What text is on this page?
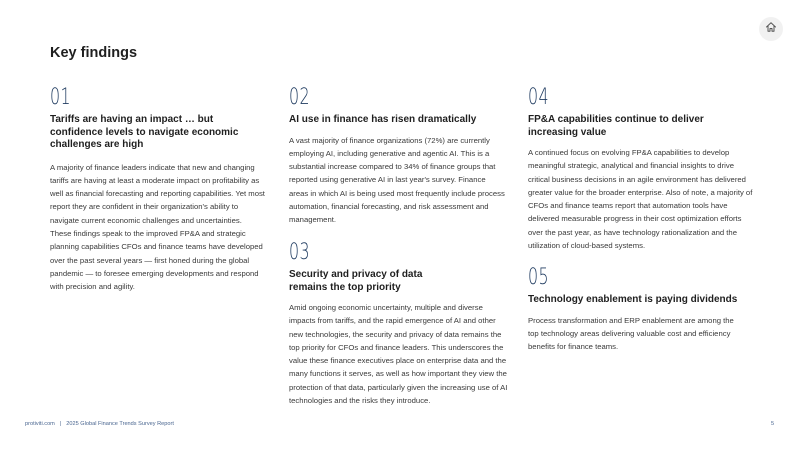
Key findings
01
Tariffs are having an impact … but confidence levels to navigate economic challenges are high
A majority of finance leaders indicate that new and changing tariffs are having at least a moderate impact on profitability as well as financial forecasting and reporting capabilities. Yet most report they are confident in their organization's ability to navigate current economic challenges and uncertainties. These findings speak to the improved FP&A and strategic planning capabilities CFOs and finance teams have developed over the past several years — first honed during the global pandemic — to foresee emerging developments and respond with precision and agility.
02
AI use in finance has risen dramatically
A vast majority of finance organizations (72%) are currently employing AI, including generative and agentic AI. This is a substantial increase compared to 34% of finance groups that reported using generative AI in last year's survey. Finance areas in which AI is being used most frequently include process automation, financial forecasting, and risk assessment and management.
03
Security and privacy of data remains the top priority
Amid ongoing economic uncertainty, multiple and diverse impacts from tariffs, and the rapid emergence of AI and other new technologies, the security and privacy of data remains the top priority for CFOs and finance leaders. This underscores the value these finance executives place on enterprise data and the many functions it serves, as well as how important they view the protection of that data, particularly given the increasing use of AI technologies and the risks they introduce.
04
FP&A capabilities continue to deliver increasing value
A continued focus on evolving FP&A capabilities to develop meaningful strategic, analytical and financial insights to drive critical business decisions in an agile environment has delivered greater value for the broader enterprise. Also of note, a majority of CFOs and finance teams report that automation tools have delivered measurable progress in their cost optimization efforts over the past year, as have technology rationalization and the utilization of cloud-based systems.
05
Technology enablement is paying dividends
Process transformation and ERP enablement are among the top technology areas delivering valuable cost and efficiency benefits for finance teams.
protiviti.com | 2025 Global Finance Trends Survey Report	5
